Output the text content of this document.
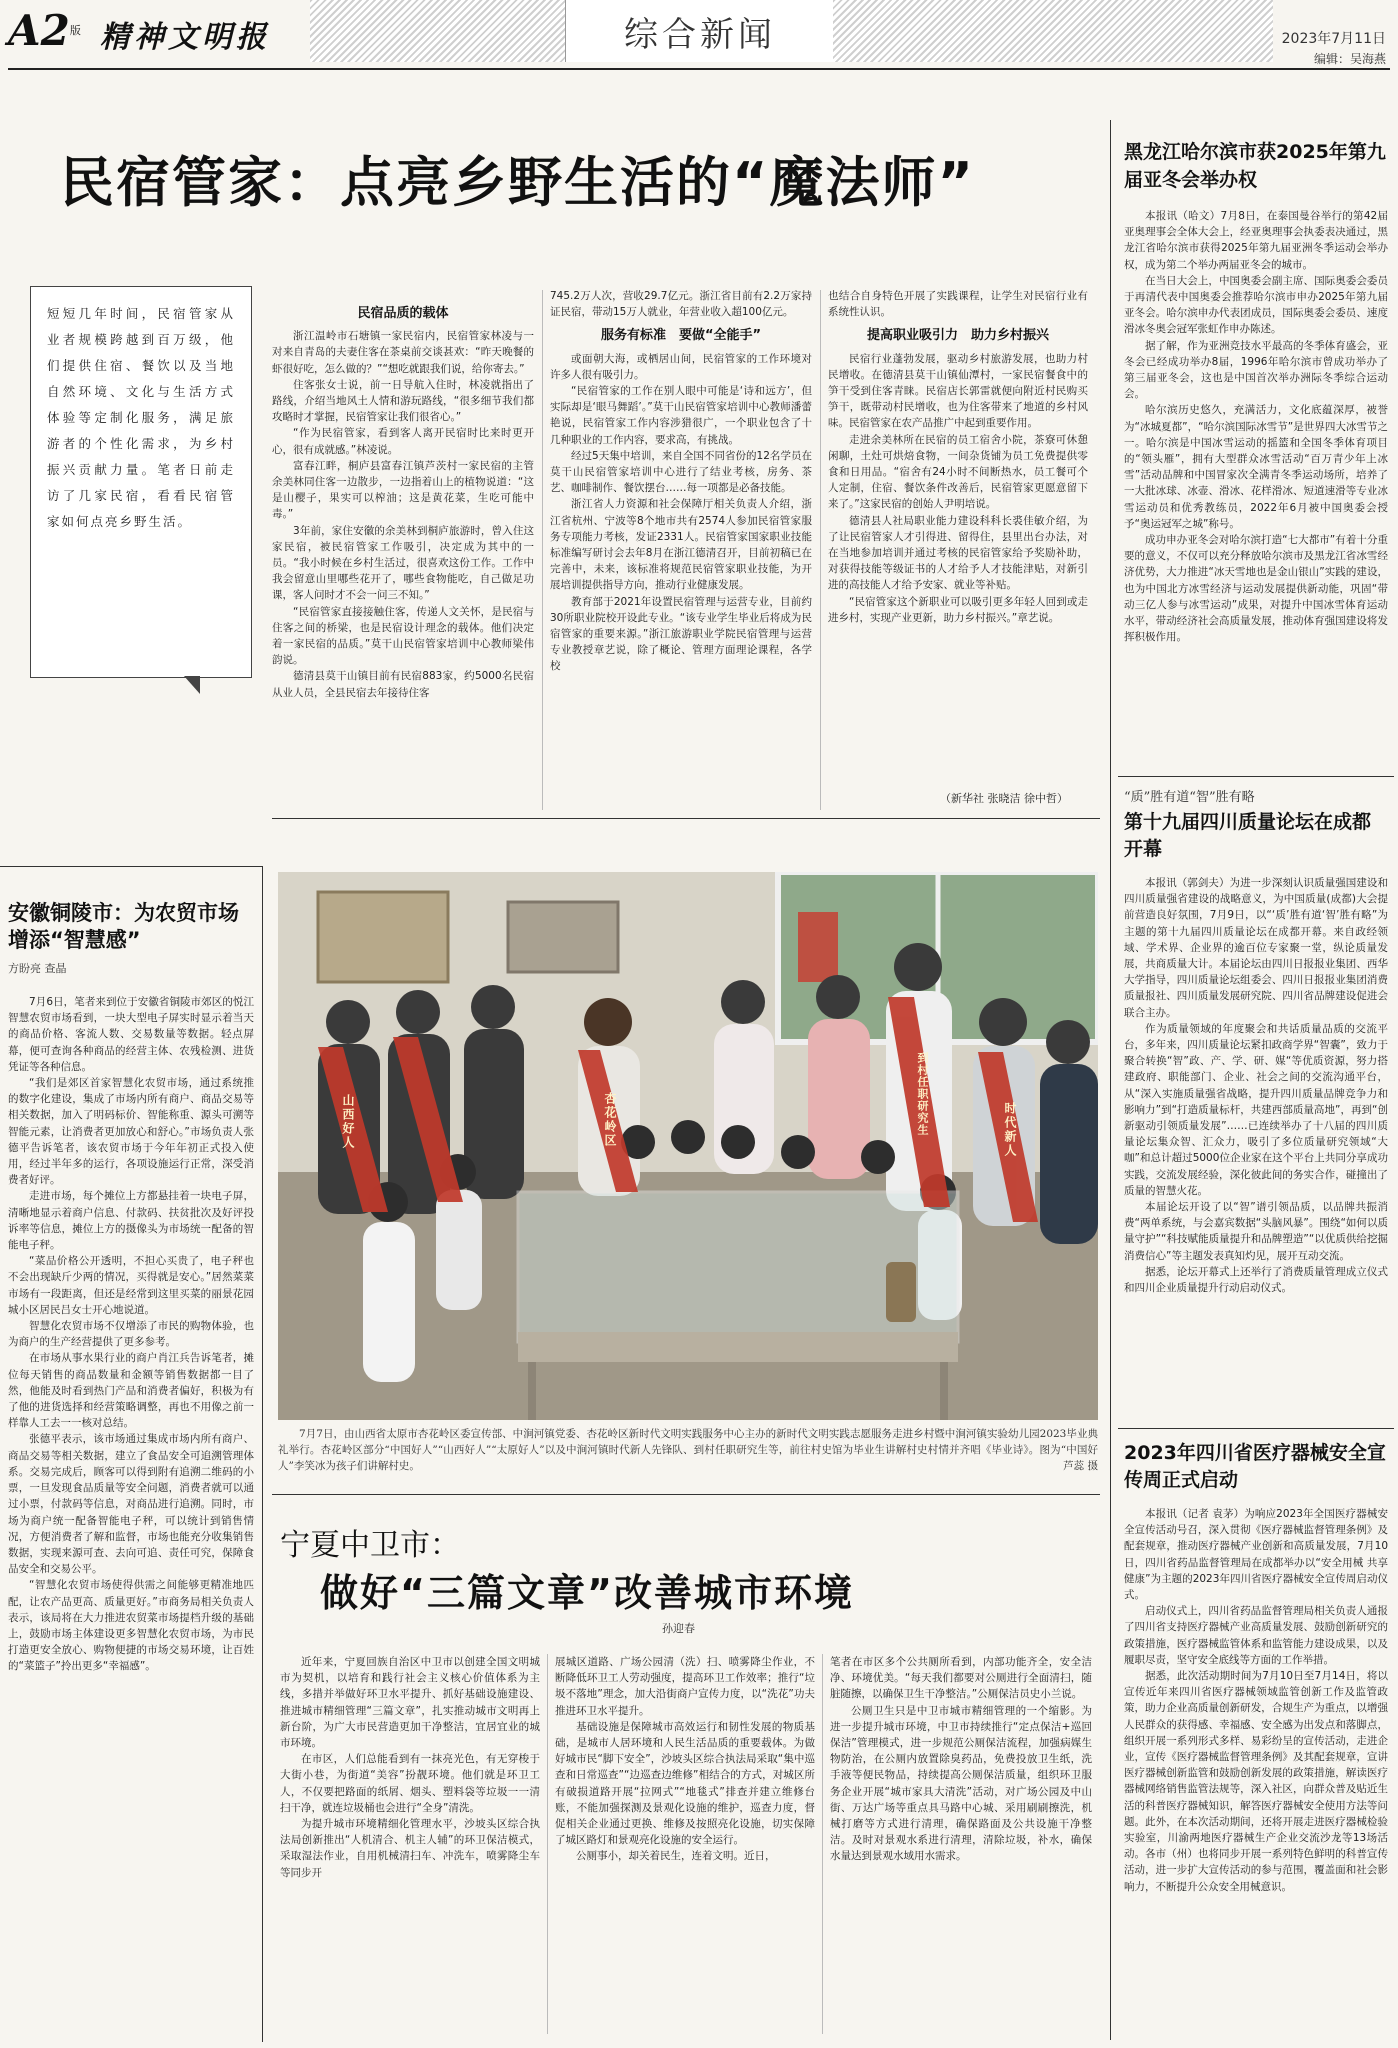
A2版 精神文明报	综合新闻	2023年7月11日
编辑：吴海燕
民宿管家：点亮乡野生活的“魔法师”
短短几年时间，民宿管家从业者规模跨越到百万级，他们提供住宿、餐饮以及当地自然环境、文化与生活方式体验等定制化服务，满足旅游者的个性化需求，为乡村振兴贡献力量。笔者日前走访了几家民宿，看看民宿管家如何点亮乡野生活。
民宿品质的载体

浙江温岭市石塘镇一家民宿内，民宿管家林凌与一对来自青岛的夫妻住客在茶桌前交谈甚欢：“昨天晚餐的虾很好吃，怎么做的？”“想吃就跟我们说，给你寄去。”

住客张女士说，前一日导航入住时，林凌就指出了路线，介绍当地风土人情和游玩路线，“很多细节我们都攻略时才掌握，民宿管家让我们很省心。”

“作为民宿管家，看到客人离开民宿时比来时更开心，很有成就感。”林凌说。

富春江畔，桐庐县富春江镇芦茨村一家民宿的主管余美林同住客一边散步，一边指着山上的植物说道：“这是山樱子，果实可以榨油；这是黄花菜，生吃可能中毒。”

3年前，家住安徽的余美林到桐庐旅游时，曾入住这家民宿，被民宿管家工作吸引，决定成为其中的一员。“我小时候在乡村生活过，很喜欢这份工作。工作中我会留意山里哪些花开了，哪些食物能吃，自己做足功课，客人问时才不会一问三不知。”

“民宿管家直接接触住客，传递人文关怀，是民宿与住客之间的桥梁，也是民宿设计理念的载体。他们决定着一家民宿的品质。”莫干山民宿管家培训中心教师梁伟韵说。

德清县莫干山镇目前有民宿883家，约5000名民宿从业人员，全县民宿去年接待住客

745.2万人次，营收29.7亿元。浙江省目前有2.2万家持证民宿，带动15万人就业，年营业收入超100亿元。

服务有标准　要做“全能手”

或面朝大海，或栖居山间，民宿管家的工作环境对许多人很有吸引力。

“民宿管家的工作在别人眼中可能是‘诗和远方’，但实际却是‘眼马舞蹈’。”莫干山民宿管家培训中心教师潘蕾艳说，民宿管家工作内容涉猎很广，一个职业包含了十几种职业的工作内容，要求高，有挑战。

经过5天集中培训，来自全国不同省份的12名学员在莫干山民宿管家培训中心进行了结业考核，房务、茶艺、咖啡制作、餐饮摆台……每一项都是必备技能。

浙江省人力资源和社会保障厅相关负责人介绍，浙江省杭州、宁波等8个地市共有2574人参加民宿管家服务专项能力考核，发证2331人。民宿管家国家职业技能标准编写研讨会去年8月在浙江德清召开，目前初稿已在完善中，未来，该标准将规范民宿管家职业技能，为开展培训提供指导方向，推动行业健康发展。

教育部于2021年设置民宿管理与运营专业，目前约30所职业院校开设此专业。“该专业学生毕业后将成为民宿管家的重要来源。”浙江旅游职业学院民宿管理与运营专业教授章艺说，除了概论、管理方面理论课程，各学校

也结合自身特色开展了实践课程，让学生对民宿行业有系统性认识。

提高职业吸引力　助力乡村振兴

民宿行业蓬勃发展，驱动乡村旅游发展，也助力村民增收。在德清县莫干山镇仙潭村，一家民宿餐食中的笋干受到住客青睐。民宿店长郭雷就便向附近村民购买笋干，既带动村民增收，也为住客带来了地道的乡村风味。民宿管家在农产品推广中起到重要作用。

走进余美林所在民宿的员工宿舍小院，茶寮可休憩闲聊，土灶可烘焙食物，一间杂货铺为员工免费提供零食和日用品。“宿舍有24小时不间断热水，员工餐可个人定制，住宿、餐饮条件改善后，民宿管家更愿意留下来了。”这家民宿的创始人尹明培说。

德清县人社局职业能力建设科科长裘佳敏介绍，为了让民宿管家人才引得进、留得住，县里出台办法，对在当地参加培训并通过考核的民宿管家给予奖励补助，对获得技能等级证书的人才给予人才技能津贴，对新引进的高技能人才给予安家、就业等补贴。

“民宿管家这个新职业可以吸引更多年轻人回到或走进乡村，实现产业更新，助力乡村振兴。”章艺说。

（新华社 张晓洁 徐中哲）
山西好人	杏花岭区	到村任职研究生	时代新人
7月7日，由山西省太原市杏花岭区委宣传部、中涧河镇党委、杏花岭区新时代文明实践服务中心主办的新时代文明实践志愿服务走进乡村暨中涧河镇实验幼儿园2023毕业典礼举行。杏花岭区部分“中国好人”“山西好人”“太原好人”以及中涧河镇时代新人先锋队、到村任职研究生等，前往村史馆为毕业生讲解村史村情并齐唱《毕业诗》。图为“中国好人”李笑冰为孩子们讲解村史。	芦蕊 摄
黑龙江哈尔滨市获2025年第九届亚冬会举办权

本报讯（哈文）7月8日，在泰国曼谷举行的第42届亚奥理事会全体大会上，经亚奥理事会执委表决通过，黑龙江省哈尔滨市获得2025年第九届亚洲冬季运动会举办权，成为第二个举办两届亚冬会的城市。

在当日大会上，中国奥委会副主席、国际奥委会委员于再清代表中国奥委会推荐哈尔滨市申办2025年第九届亚冬会。哈尔滨申办代表团成员，国际奥委会委员、速度滑冰冬奥会冠军张虹作申办陈述。

据了解，作为亚洲竞技水平最高的冬季体育盛会，亚冬会已经成功举办8届，1996年哈尔滨市曾成功举办了第三届亚冬会，这也是中国首次举办洲际冬季综合运动会。

哈尔滨历史悠久，充满活力，文化底蕴深厚，被誉为“冰城夏都”，“哈尔滨国际冰雪节”是世界四大冰雪节之一。哈尔滨是中国冰雪运动的摇篮和全国冬季体育项目的“领头雁”，拥有大型群众冰雪活动“百万青少年上冰雪”活动品牌和中国冒家次全满青冬季运动场所，培养了一大批冰球、冰壶、滑冰、花样滑冰、短道速滑等专业冰雪运动员和优秀教练员，2022年6月被中国奥委会授予“奥运冠军之城”称号。

成功申办亚冬会对哈尔滨打造“七大都市”有着十分重要的意义，不仅可以充分释放哈尔滨市及黑龙江省冰雪经济优势，大力推进“冰天雪地也是金山银山”实践的建设，也为中国北方冰雪经济与运动发展提供新动能，巩固“带动三亿人参与冰雪运动”成果，对提升中国冰雪体育运动水平，带动经济社会高质量发展，推动体育强国建设将发挥积极作用。

“质”胜有道“智”胜有略
第十九届四川质量论坛在成都开幕

本报讯（郭剑夫）为进一步深刻认识质量强国建设和四川质量强省建设的战略意义，为中国质量(成都)大会提前营造良好氛围，7月9日，以“‘质’胜有道‘智’胜有略”为主题的第十九届四川质量论坛在成都开幕。来自政经领域、学术界、企业界的逾百位专家聚一堂，纵论质量发展，共商质量大计。本届论坛由四川日报报业集团、西华大学指导，四川质量论坛组委会、四川日报报业集团消费质量报社、四川质量发展研究院、四川省品牌建设促进会联合主办。

作为质量领域的年度聚会和共话质量品质的交流平台，多年来，四川质量论坛紧扣政商学界“智囊”，致力于聚合转换“智”政、产、学、研、媒“等优质资源，努力搭建政府、职能部门、企业、社会之间的交流沟通平台，从“深入实施质量强省战略，提升四川质量品牌竞争力和影响力”到“打造质量标杆，共建西部质量高地”，再到“创新驱动引领质量发展”……已连续举办了十八届的四川质量论坛集众智、汇众力，吸引了多位质量研究领域“大咖”和总计超过5000位企业家在这个平台上共同分享成功实践，交流发展经验，深化彼此间的务实合作，碰撞出了质量的智慧火花。

本届论坛开设了以“智”谱引领品质，以品牌共振消费“两单系统，与会嘉宾数据“头脑风暴”。围绕“如何以质量守护”“科技赋能质量提升和品牌塑造”“以优质供给挖掘消费信心”等主题发表真知灼见，展开互动交流。

据悉，论坛开幕式上还举行了消费质量管理成立仪式和四川企业质量提升行动启动仪式。

2023年四川省医疗器械安全宣传周正式启动

本报讯（记者 袁茅）为响应2023年全国医疗器械安全宣传活动号召，深入贯彻《医疗器械监督管理条例》及配套规章，推动医疗器械产业创新和高质量发展，7月10日，四川省药品监督管理局在成都举办以“安全用械 共享健康”为主题的2023年四川省医疗器械安全宣传周启动仪式。

启动仪式上，四川省药品监督管理局相关负责人通报了四川省支持医疗器械产业高质量发展、鼓励创新研究的政策措施，医疗器械监管体系和监管能力建设成果，以及履职尽责，坚守安全底线等方面的工作举措。

据悉，此次活动期时间为7月10日至7月14日，将以宣传近年来四川省医疗器械领域监管创新工作及监管政策，助力企业高质量创新研发，合规生产为重点，以增强人民群众的获得感、幸福感、安全感为出发点和落脚点，组织开展一系列形式多样、易彩纷呈的宣传活动，走进企业，宣传《医疗器械监督管理条例》及其配套规章，宣讲医疗器械创新监管和鼓励创新发展的政策措施，解读医疗器械网络销售监管法规等，深入社区，向群众普及贴近生活的科普医疗器械知识，解答医疗器械安全使用方法等问题。此外，在本次活动期间，还将开展走进医疗器械检验实验室，川渝两地医疗器械生产企业交流沙龙等13场活动。各市（州）也将同步开展一系列特色鲜明的科普宣传活动，进一步扩大宣传活动的参与范围，覆盖面和社会影响力，不断提升公众安全用械意识。

安徽铜陵市：为农贸市场增添“智慧感”
方盼亮 查晶

7月6日，笔者来到位于安徽省铜陵市郊区的悦江智慧农贸市场看到，一块大型电子屏实时显示着当天的商品价格、客流人数、交易数量等数据。轻点屏幕，便可查询各种商品的经营主体、农残检测、进货凭证等各种信息。

“我们是郊区首家智慧化农贸市场，通过系统推的数字化建设，集成了市场内所有商户、商品交易等相关数据，加入了明码标价、智能称重、源头可溯等智能元素，让消费者更加放心和舒心。”市场负责人张德平告诉笔者，该农贸市场于今年年初正式投入使用，经过半年多的运行，各项设施运行正常，深受消费者好评。

走进市场，每个摊位上方都悬挂着一块电子屏，清晰地显示着商户信息、付款码、扶贫批次及好评投诉率等信息，摊位上方的摄像头为市场统一配备的智能电子秤。

“菜品价格公开透明，不担心买贵了，电子秤也不会出现缺斤少两的情况，买得就是安心。”居然菜菜市场有一段距离，但还是经常到这里买菜的丽景花园城小区居民吕女士开心地说道。

智慧化农贸市场不仅增添了市民的购物体验，也为商户的生产经营提供了更多参考。

在市场从事水果行业的商户肖江兵告诉笔者，摊位每天销售的商品数量和金额等销售数据都一目了然，他能及时看到热门产品和消费者偏好，积极为有了他的进货选择和经营策略调整，再也不用像之前一样靠人工去一一核对总结。

张德平表示，该市场通过集成市场内所有商户、商品交易等相关数据，建立了食品安全可追溯管理体系。交易完成后，顾客可以得到附有追溯二维码的小票，一旦发现食品质量等安全问题，消费者就可以通过小票，付款码等信息，对商品进行追溯。同时，市场为商户统一配备智能电子秤，可以统计到销售情况，方便消费者了解和监督，市场也能充分收集销售数据，实现来源可查、去向可追、责任可究，保障食品安全和交易公平。

“智慧化农贸市场使得供需之间能够更精准地匹配，让农产品更高、质量更好。”市商务局相关负责人表示，该局将在大力推进农贸菜市场提档升级的基础上，鼓励市场主体建设更多智慧化农贸市场，为市民打造更安全放心、购物便捷的市场交易环境，让百姓的“菜篮子”拎出更多“幸福感”。

宁夏中卫市：
做好“三篇文章”改善城市环境
孙迎春

近年来，宁夏回族自治区中卫市以创建全国文明城市为契机，以培育和践行社会主义核心价值体系为主线，多措并举做好环卫水平提升、抓好基础设施建设、推进城市精细管理“三篇文章”，扎实推动城市文明再上新台阶，为广大市民营造更加干净整洁，宜居宜业的城市环境。

在市区，人们总能看到有一抹亮光色，有无穿梭于大街小巷，为街道“美容”扮靓环境。他们就是环卫工人，不仅要把路面的纸屑、烟头、塑料袋等垃圾一一清扫干净，就连垃圾桶也会进行“全身”清洗。

为提升城市环境精细化管理水平，沙坡头区综合执法局创新推出“人机清合、机主人辅”的环卫保洁模式，采取湿法作业，自用机械清扫车、冲洗车，喷雾降尘车等同步开

展城区道路、广场公园清（洗）扫、喷雾降尘作业，不断降低环卫工人劳动强度，提高环卫工作效率；推行“垃圾不落地”理念，加大沿街商户宣传力度，以“洗花”功夫推进环卫水平提升。

基础设施是保障城市高效运行和韧性发展的物质基础，是城市人居环境和人民生活品质的重要载体。为做好城市民“脚下安全”，沙坡头区综合执法局采取“集中巡查和日常巡查”“边巡查边维修”相结合的方式，对城区所有破损道路开展“拉网式”“地毯式”排查并建立维修台账，不能加强探测及景观化设施的维护，巡查力度，督促相关企业通过更换、维修及按照亮化设施，切实保障了城区路灯和景观亮化设施的安全运行。

公厕事小，却关着民生，连着文明。近日，

笔者在市区多个公共厕所看到，内部功能齐全，安全洁净、环境优美。“每天我们都要对公厕进行全面清扫，随脏随擦，以确保卫生干净整洁。”公厕保洁员史小兰说。

公厕卫生只是中卫市城市精细管理的一个缩影。为进一步提升城市环境，中卫市持续推行“定点保洁+巡回保洁”管理模式，进一步规范公厕保洁流程，加强病媒生物防治，在公厕内放置除臭药品，免费投放卫生纸，洗手液等便民物品，持续提高公厕保洁质量，组织环卫服务企业开展“城市家具大清洗”活动，对广场公园及中山街、万达广场等重点具马路中心城、采用刷刷擦洗，机械打磨等方式进行清理，确保路面及公共设施干净整洁。及时对景观水系进行清理，清除垃圾，补水，确保水量达到景观水域用水需求。
